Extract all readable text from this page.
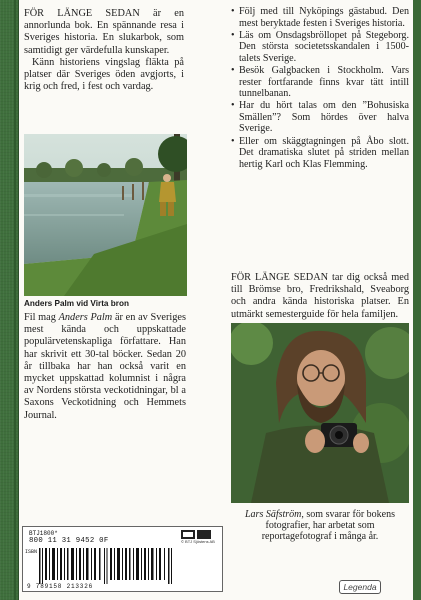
FÖR LÄNGE SEDAN är en annorlunda bok. En spännande resa i Sveriges historia. En slukarbok, som samtidigt ger värdefulla kunskaper.

Känn historiens vingslag fläkta på platser där Sveriges öden avgjorts, i krig och fred, i fest och vardag.

Anders Palm vid Virta bron

Fil mag Anders Palm är en av Sveriges mest kända och uppskattade populärvetenskapliga författare. Han har skrivit ett 30-tal böcker. Sedan 20 år tillbaka har han också varit en mycket uppskattad kolumnist i några av Nordens största veckotidningar, bl a Saxons Veckotidning och Hemmets Journal.

• Följ med till Nyköpings gästabud. Den mest beryktade festen i Sveriges historia.
• Läs om Onsdagsbröllopet på Stegeborg. Den största societetsskandalen i 1500-talets Sverige.
• Besök Galgbacken i Stockholm. Vars rester fortfarande finns kvar tätt intill tunnelbanan.
• Har du hört talas om den ”Bohusiska Smällen”? Som hördes över halva Sverige.
• Eller om skäggtagningen på Åbo slott. Det dramatiska slutet på striden mellan hertig Karl och Klas Flemming.

FÖR LÄNGE SEDAN tar dig också med till Brömse bro, Fredrikshald, Sveaborg och andra kända historiska platser. En utmärkt semesterguide för hela familjen.

Lars Säfström, som svarar för bokens fotografier, har arbetat som reportagefotograf i många år.

BTJ1800*
800 11 31 9452 0F
ISBN
9 789158 213326
© BTJ Sjöstens AB
Legenda
